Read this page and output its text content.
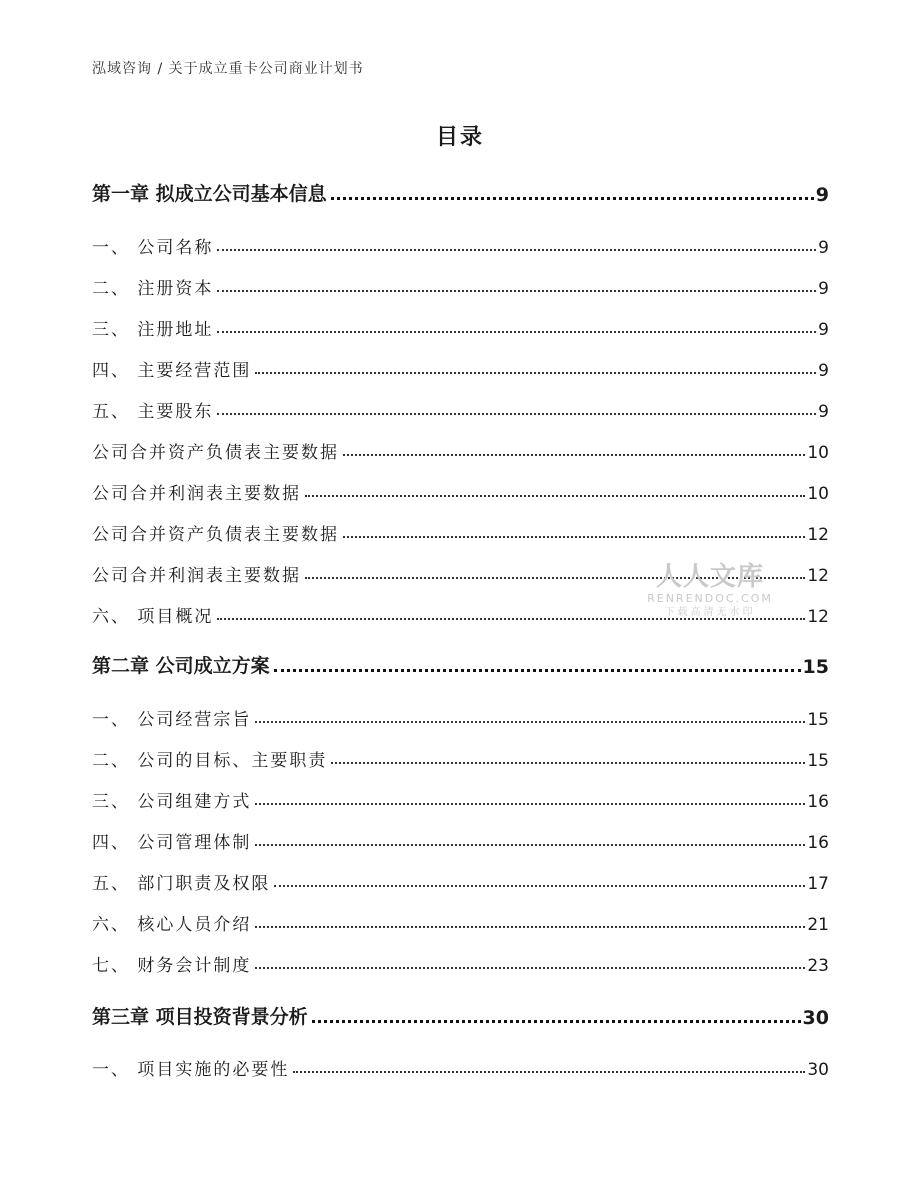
泓域咨询 / 关于成立重卡公司商业计划书
目录
第一章 拟成立公司基本信息	9
一、 公司名称	9
二、 注册资本	9
三、 注册地址	9
四、 主要经营范围	9
五、 主要股东	9
公司合并资产负债表主要数据	10
公司合并利润表主要数据	10
公司合并资产负债表主要数据	12
公司合并利润表主要数据	12
六、 项目概况	12
第二章 公司成立方案	15
一、 公司经营宗旨	15
二、 公司的目标、主要职责	15
三、 公司组建方式	16
四、 公司管理体制	16
五、 部门职责及权限	17
六、 核心人员介绍	21
七、 财务会计制度	23
第三章 项目投资背景分析	30
一、 项目实施的必要性	30
人人文库
RENRENDOC.COM
下载高清无水印
